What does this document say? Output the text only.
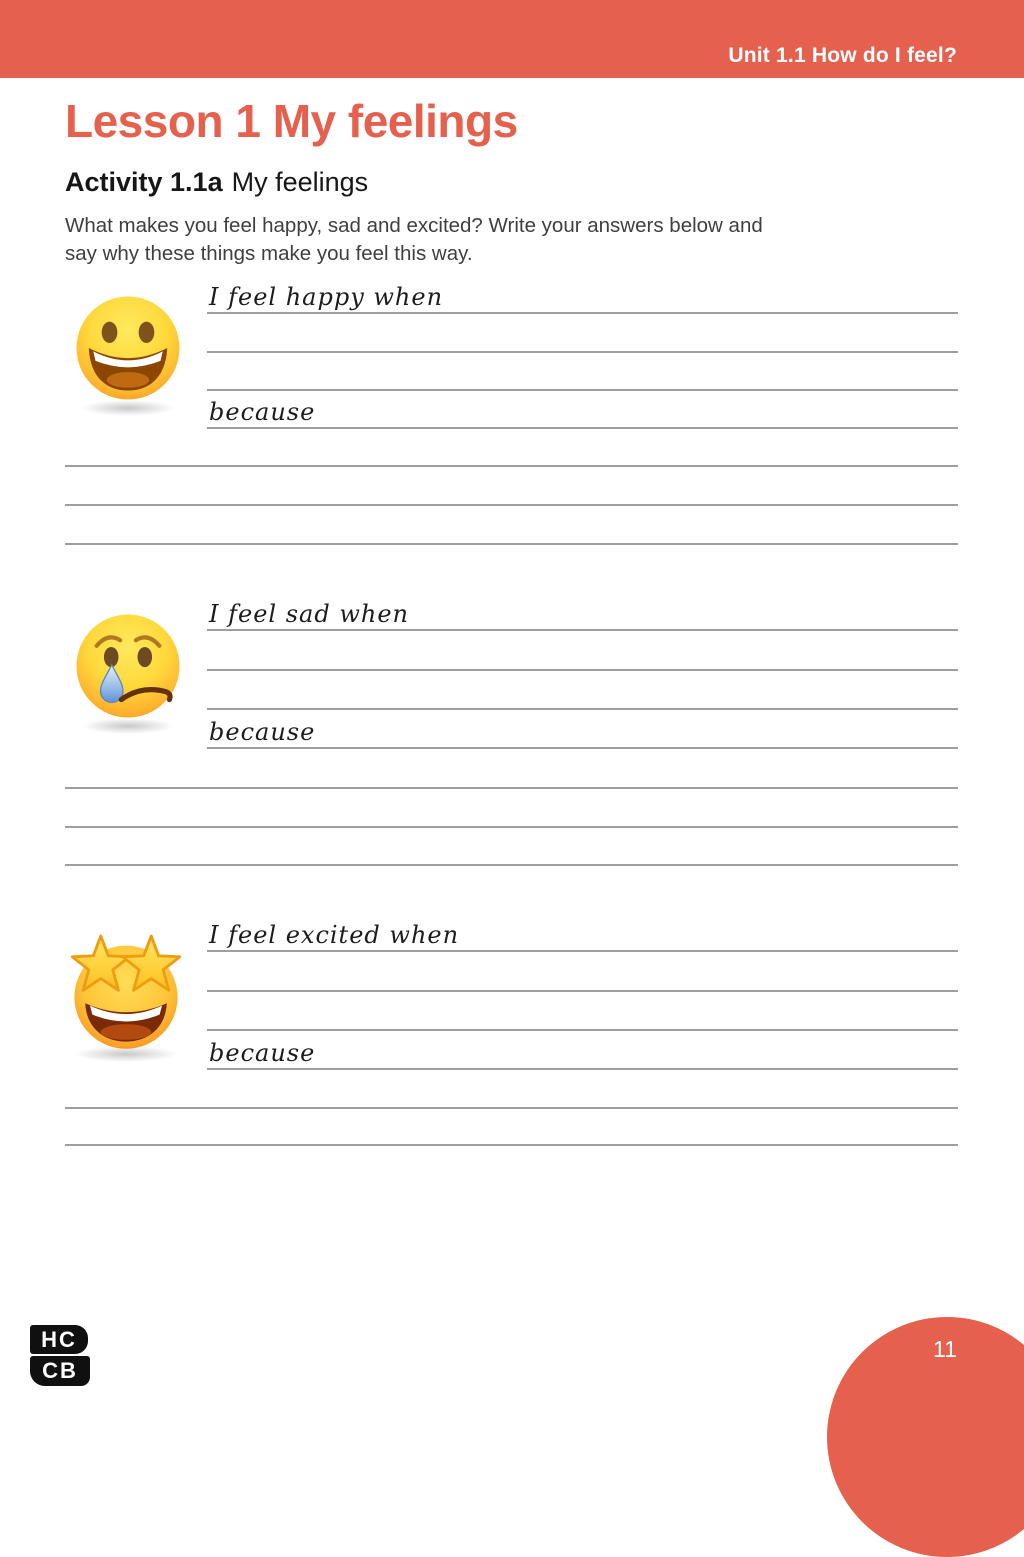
Unit 1.1 How do I feel?
Lesson 1 My feelings
Activity 1.1a My feelings

What makes you feel happy, sad and excited? Write your answers below and
say why these things make you feel this way.

I feel happy when
because
I feel sad when
because
I feel excited when
because
HC
CB
11
